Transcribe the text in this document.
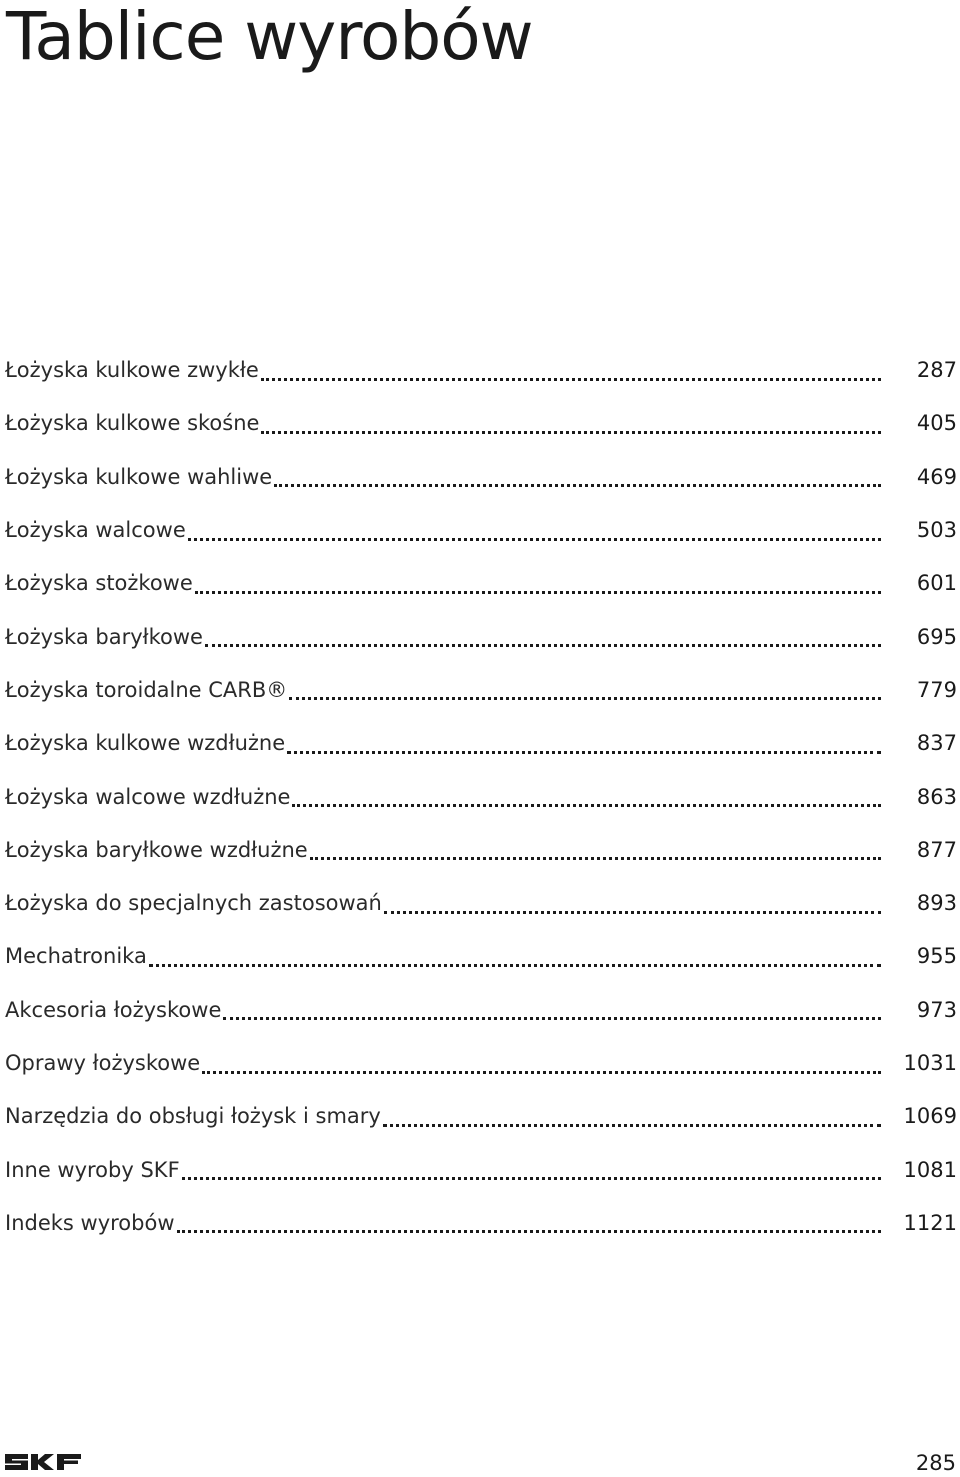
Tablice wyrobów
Łożyska kulkowe zwykłe	287
Łożyska kulkowe skośne	405
Łożyska kulkowe wahliwe	469
Łożyska walcowe	503
Łożyska stożkowe	601
Łożyska baryłkowe	695
Łożyska toroidalne CARB®	779
Łożyska kulkowe wzdłużne	837
Łożyska walcowe wzdłużne	863
Łożyska baryłkowe wzdłużne	877
Łożyska do specjalnych zastosowań	893
Mechatronika	955
Akcesoria łożyskowe	973
Oprawy łożyskowe	1031
Narzędzia do obsługi łożysk i smary	1069
Inne wyroby SKF	1081
Indeks wyrobów	1121
285
